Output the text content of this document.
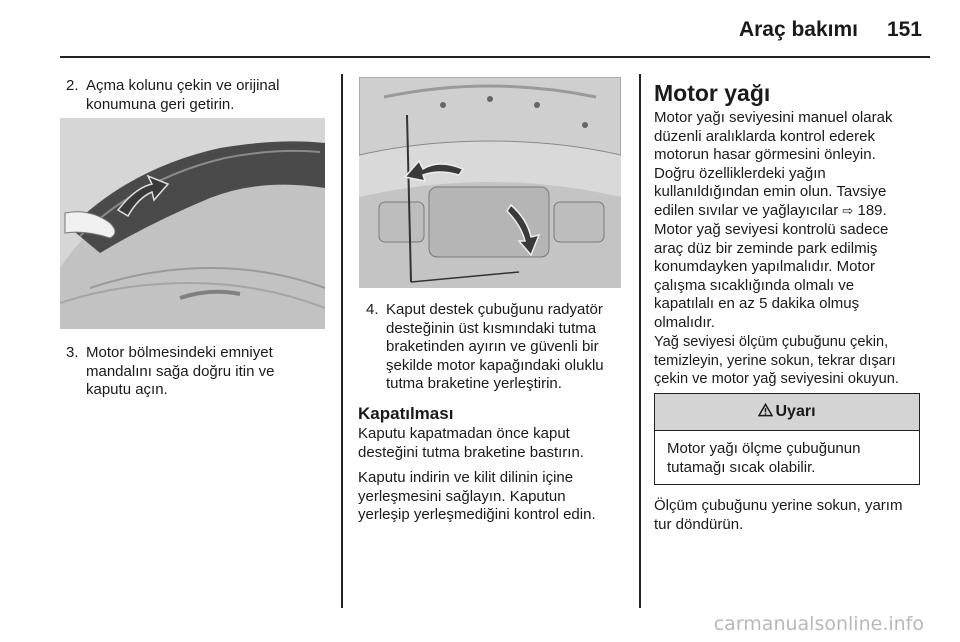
Araç bakımı 151
2. Açma kolunu çekin ve orijinal
konumuna geri getirin.
3. Motor bölmesindeki emniyet
mandalını sağa doğru itin ve
kaputu açın.
4. Kaput destek çubuğunu radyatör
desteğinin üst kısmındaki tutma
braketinden ayırın ve güvenli bir
şekilde motor kapağındaki oluklu
tutma braketine yerleştirin.
Kapatılması
Kaputu kapatmadan önce kaput
desteğini tutma braketine bastırın.
Kaputu indirin ve kilit dilinin içine
yerleşmesini sağlayın. Kaputun
yerleşip yerleşmediğini kontrol edin.
Motor yağı
Motor yağı seviyesini manuel olarak
düzenli aralıklarda kontrol ederek
motorun hasar görmesini önleyin.
Doğru özelliklerdeki yağın
kullanıldığından emin olun. Tavsiye
edilen sıvılar ve yağlayıcılar ⇨ 189.
Motor yağ seviyesi kontrolü sadece
araç düz bir zeminde park edilmiş
konumdayken yapılmalıdır. Motor
çalışma sıcaklığında olmalı ve
kapatılalı en az 5 dakika olmuş
olmalıdır.
Yağ seviyesi ölçüm çubuğunu çekin,
temizleyin, yerine sokun, tekrar dışarı
çekin ve motor yağ seviyesini okuyun.
Uyarı
Motor yağı ölçme çubuğunun
tutamağı sıcak olabilir.
Ölçüm çubuğunu yerine sokun, yarım
tur döndürün.
carmanualsonline.info
